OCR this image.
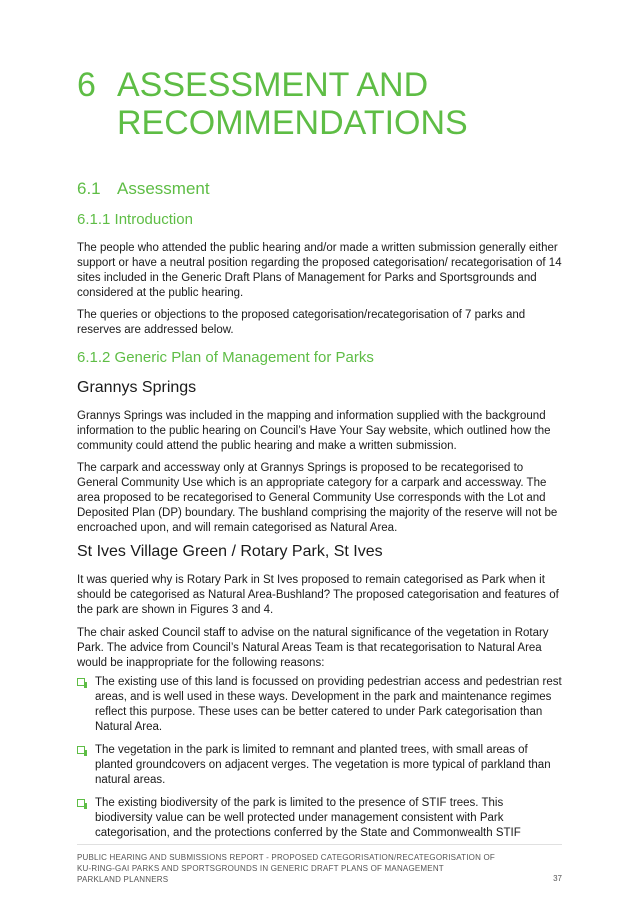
6 ASSESSMENT AND
RECOMMENDATIONS
6.1 Assessment
6.1.1 Introduction

The people who attended the public hearing and/or made a written submission generally either support or have a neutral position regarding the proposed categorisation/ recategorisation of 14 sites included in the Generic Draft Plans of Management for Parks and Sportsgrounds and considered at the public hearing.

The queries or objections to the proposed categorisation/recategorisation of 7 parks and reserves are addressed below.

6.1.2 Generic Plan of Management for Parks
Grannys Springs

Grannys Springs was included in the mapping and information supplied with the background information to the public hearing on Council’s Have Your Say website, which outlined how the community could attend the public hearing and make a written submission.

The carpark and accessway only at Grannys Springs is proposed to be recategorised to General Community Use which is an appropriate category for a carpark and accessway. The area proposed to be recategorised to General Community Use corresponds with the Lot and Deposited Plan (DP) boundary. The bushland comprising the majority of the reserve will not be encroached upon, and will remain categorised as Natural Area.

St Ives Village Green / Rotary Park, St Ives

It was queried why is Rotary Park in St Ives proposed to remain categorised as Park when it should be categorised as Natural Area-Bushland? The proposed categorisation and features of the park are shown in Figures 3 and 4.

The chair asked Council staff to advise on the natural significance of the vegetation in Rotary Park. The advice from Council’s Natural Areas Team is that recategorisation to Natural Area would be inappropriate for the following reasons:

The existing use of this land is focussed on providing pedestrian access and pedestrian rest areas, and is well used in these ways. Development in the park and maintenance regimes reflect this purpose. These uses can be better catered to under Park categorisation than Natural Area.
The vegetation in the park is limited to remnant and planted trees, with small areas of planted groundcovers on adjacent verges. The vegetation is more typical of parkland than natural areas.
The existing biodiversity of the park is limited to the presence of STIF trees. This biodiversity value can be well protected under management consistent with Park categorisation, and the protections conferred by the State and Commonwealth STIF
PUBLIC HEARING AND SUBMISSIONS REPORT - PROPOSED CATEGORISATION/RECATEGORISATION OF
KU-RING-GAI PARKS AND SPORTSGROUNDS IN GENERIC DRAFT PLANS OF MANAGEMENT
PARKLAND PLANNERS	37
